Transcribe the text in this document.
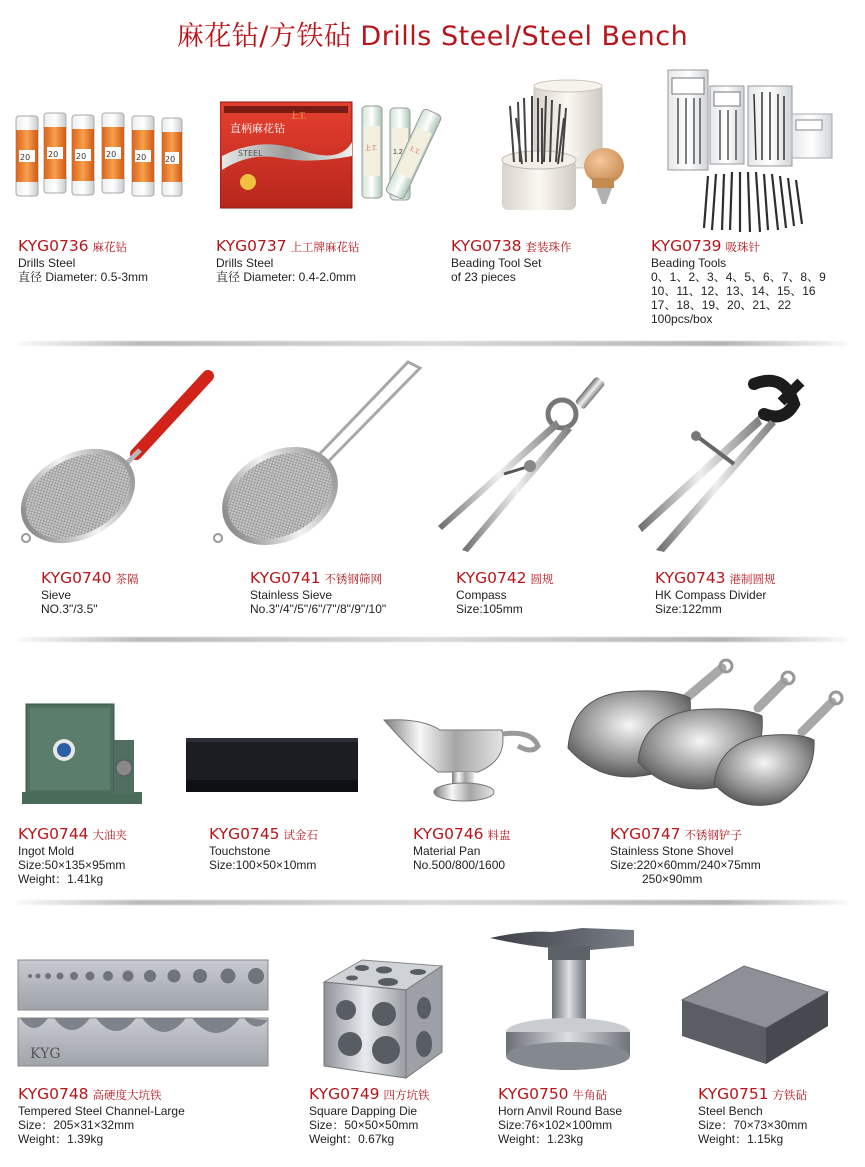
麻花钻/方铁砧 Drills Steel/Steel Bench
20 20 20 20 20 20
上工
直柄麻花钻
STEEL	上工 1.2 上工
KYG0736 麻花钻
Drills Steel
直径 Diameter: 0.5-3mm
KYG0737 上工牌麻花钻
Drills Steel
直径 Diameter: 0.4-2.0mm
KYG0738 套装珠作
Beading Tool Set
of 23 pieces
KYG0739 吸珠针
Beading Tools
0、1、2、3、4、5、6、7、8、9
10、11、12、13、14、15、16
17、18、19、20、21、22
100pcs/box
KYG0740 茶隔
Sieve
NO.3"/3.5"
KYG0741 不锈钢筛网
Stainless Sieve
No.3"/4"/5"/6"/7"/8"/9"/10"
KYG0742 圆规
Compass
Size:105mm
KYG0743 港制圆规
HK Compass Divider
Size:122mm
KYG0744 大油夹
Ingot Mold
Size:50×135×95mm
Weight：1.41kg
KYG0745 试金石
Touchstone
Size:100×50×10mm
KYG0746 料盅
Material Pan
No.500/800/1600
KYG0747 不锈钢铲子
Stainless Stone Shovel
Size:220×60mm/240×75mm
250×90mm
KYG
KYG0748 高硬度大坑铁
Tempered Steel Channel-Large
Size：205×31×32mm
Weight：1.39kg
KYG0749 四方坑铁
Square Dapping Die
Size：50×50×50mm
Weight：0.67kg
KYG0750 牛角砧
Horn Anvil Round Base
Size:76×102×100mm
Weight：1.23kg
KYG0751 方铁砧
Steel Bench
Size：70×73×30mm
Weight：1.15kg
